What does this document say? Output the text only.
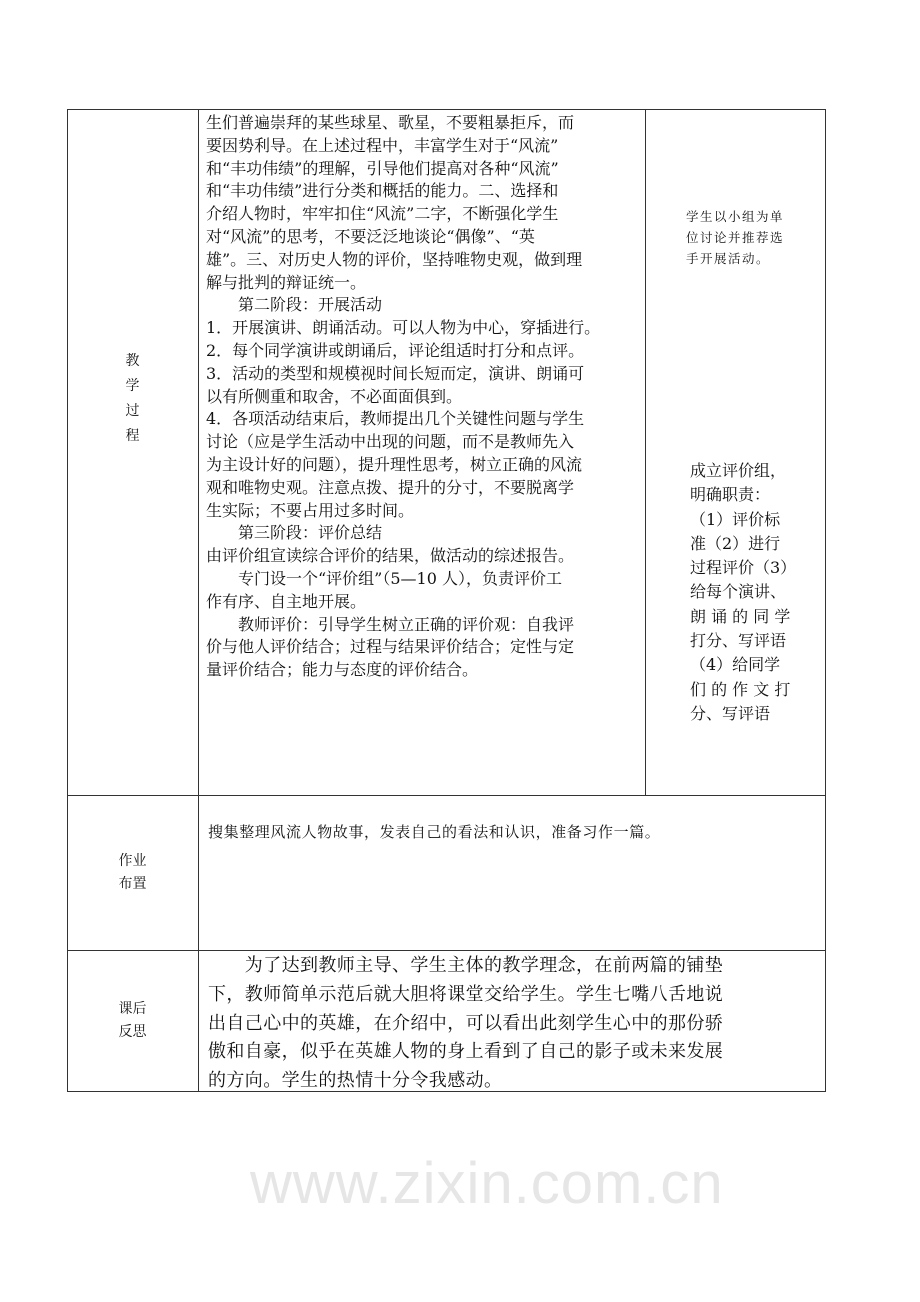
www.zixin.com.cn
教
学
过
程
生们普遍崇拜的某些球星、歌星，不要粗暴拒斥，而
要因势利导。在上述过程中，丰富学生对于“风流”
和“丰功伟绩”的理解，引导他们提高对各种“风流”
和“丰功伟绩”进行分类和概括的能力。二、选择和
介绍人物时，牢牢扣住“风流”二字，不断强化学生
对“风流”的思考，不要泛泛地谈论“偶像”、“英
雄”。三、对历史人物的评价，坚持唯物史观，做到理
解与批判的辩证统一。
　　第二阶段：开展活动
1．开展演讲、朗诵活动。可以人物为中心，穿插进行。
2．每个同学演讲或朗诵后，评论组适时打分和点评。
3．活动的类型和规模视时间长短而定，演讲、朗诵可
以有所侧重和取舍，不必面面俱到。
4．各项活动结束后，教师提出几个关键性问题与学生
讨论（应是学生活动中出现的问题，而不是教师先入
为主设计好的问题），提升理性思考，树立正确的风流
观和唯物史观。注意点拨、提升的分寸，不要脱离学
生实际；不要占用过多时间。
　　第三阶段：评价总结
由评价组宣读综合评价的结果，做活动的综述报告。
　　专门设一个“评价组”（5—10 人），负责评价工
作有序、自主地开展。
　　教师评价：引导学生树立正确的评价观：自我评
价与他人评价结合；过程与结果评价结合；定性与定
量评价结合；能力与态度的评价结合。
学生以小组为单
位讨论并推荐选
手开展活动。
成立评价组，
明确职责：
（1）评价标
准（2）进行
过程评价（3）
给每个演讲、
朗 诵 的 同 学
打分、写评语
（4）给同学
们 的 作 文 打
分、写评语
作业
布置
搜集整理风流人物故事，发表自己的看法和认识，准备习作一篇。
课后
反思
　　为了达到教师主导、学生主体的教学理念，在前两篇的铺垫
下，教师简单示范后就大胆将课堂交给学生。学生七嘴八舌地说
出自己心中的英雄，在介绍中，可以看出此刻学生心中的那份骄
傲和自豪，似乎在英雄人物的身上看到了自己的影子或未来发展
的方向。学生的热情十分令我感动。
